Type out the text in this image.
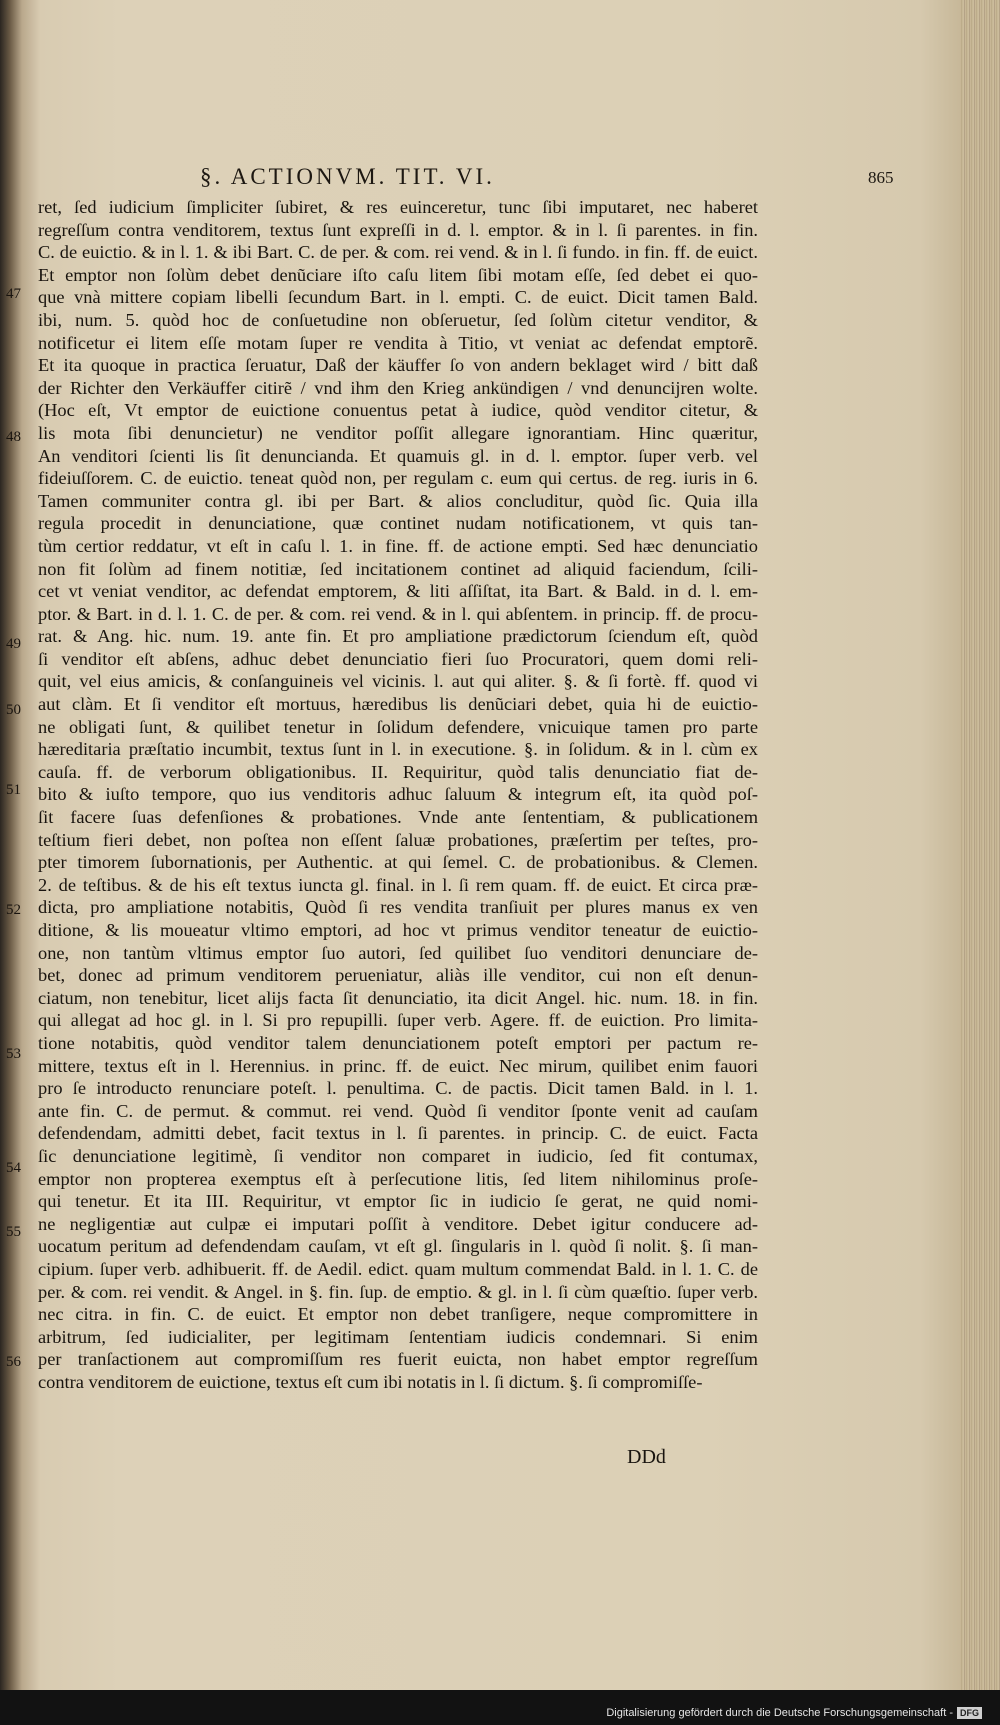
§. ACTIONVM. TIT. VI.	865
47
48
49
50
51
52
53
54
55
56
ret, ſed iudicium ſimpliciter ſubiret, & res euinceretur, tunc ſibi imputaret, nec haberet
regreſſum contra venditorem, textus ſunt expreſſi in d. l. emptor. & in l. ſi parentes. in fin.
C. de euictio. & in l. 1. & ibi Bart. C. de per. & com. rei vend. & in l. ſi fundo. in fin. ff. de euict.
Et emptor non ſolùm debet denũciare iſto caſu litem ſibi motam eſſe, ſed debet ei quo-
que vnà mittere copiam libelli ſecundum Bart. in l. empti. C. de euict. Dicit tamen Bald.
ibi, num. 5. quòd hoc de conſuetudine non obſeruetur, ſed ſolùm citetur venditor, &
notificetur ei litem eſſe motam ſuper re vendita à Titio, vt veniat ac defendat emptorẽ.
Et ita quoque in practica ſeruatur, Daß der käuffer ſo von andern beklaget wird / bitt daß
der Richter den Verkäuffer citirẽ / vnd ihm den Krieg ankündigen / vnd denuncijren wolte.
(Hoc eſt, Vt emptor de euictione conuentus petat à iudice, quòd venditor citetur, &
lis mota ſibi denuncietur) ne venditor poſſit allegare ignorantiam. Hinc quæritur,
An venditori ſcienti lis ſit denuncianda. Et quamuis gl. in d. l. emptor. ſuper verb. vel
fideiuſſorem. C. de euictio. teneat quòd non, per regulam c. eum qui certus. de reg. iuris in 6.
Tamen communiter contra gl. ibi per Bart. & alios concluditur, quòd ſic. Quia illa
regula procedit in denunciatione, quæ continet nudam notificationem, vt quis tan-
tùm certior reddatur, vt eſt in caſu l. 1. in fine. ff. de actione empti. Sed hæc denunciatio
non fit ſolùm ad finem notitiæ, ſed incitationem continet ad aliquid faciendum, ſcili-
cet vt veniat venditor, ac defendat emptorem, & liti aſſiſtat, ita Bart. & Bald. in d. l. em-
ptor. & Bart. in d. l. 1. C. de per. & com. rei vend. & in l. qui abſentem. in princip. ff. de procu-
rat. & Ang. hic. num. 19. ante fin. Et pro ampliatione prædictorum ſciendum eſt, quòd
ſi venditor eſt abſens, adhuc debet denunciatio fieri ſuo Procuratori, quem domi reli-
quit, vel eius amicis, & conſanguineis vel vicinis. l. aut qui aliter. §. & ſi fortè. ff. quod vi
aut clàm. Et ſi venditor eſt mortuus, hæredibus lis denũciari debet, quia hi de euictio-
ne obligati ſunt, & quilibet tenetur in ſolidum defendere, vnicuique tamen pro parte
hæreditaria præſtatio incumbit, textus ſunt in l. in executione. §. in ſolidum. & in l. cùm ex
cauſa. ff. de verborum obligationibus. II. Requiritur, quòd talis denunciatio fiat de-
bito & iuſto tempore, quo ius venditoris adhuc ſaluum & integrum eſt, ita quòd poſ-
ſit facere ſuas defenſiones & probationes. Vnde ante ſententiam, & publicationem
teſtium fieri debet, non poſtea non eſſent ſaluæ probationes, præſertim per teſtes, pro-
pter timorem ſubornationis, per Authentic. at qui ſemel. C. de probationibus. & Clemen.
2. de teſtibus. & de his eſt textus iuncta gl. final. in l. ſi rem quam. ff. de euict. Et circa præ-
dicta, pro ampliatione notabitis, Quòd ſi res vendita tranſiuit per plures manus ex ven
ditione, & lis moueatur vltimo emptori, ad hoc vt primus venditor teneatur de euictio-
one, non tantùm vltimus emptor ſuo autori, ſed quilibet ſuo venditori denunciare de-
bet, donec ad primum venditorem perueniatur, aliàs ille venditor, cui non eſt denun-
ciatum, non tenebitur, licet alijs facta ſit denunciatio, ita dicit Angel. hic. num. 18. in fin.
qui allegat ad hoc gl. in l. Si pro repupilli. ſuper verb. Agere. ff. de euiction. Pro limita-
tione notabitis, quòd venditor talem denunciationem poteſt emptori per pactum re-
mittere, textus eſt in l. Herennius. in princ. ff. de euict. Nec mirum, quilibet enim fauori
pro ſe introducto renunciare poteſt. l. penultima. C. de pactis. Dicit tamen Bald. in l. 1.
ante fin. C. de permut. & commut. rei vend. Quòd ſi venditor ſponte venit ad cauſam
defendendam, admitti debet, facit textus in l. ſi parentes. in princip. C. de euict. Facta
ſic denunciatione legitimè, ſi venditor non comparet in iudicio, ſed fit contumax,
emptor non propterea exemptus eſt à perſecutione litis, ſed litem nihilominus proſe-
qui tenetur. Et ita III. Requiritur, vt emptor ſic in iudicio ſe gerat, ne quid nomi-
ne negligentiæ aut culpæ ei imputari poſſit à venditore. Debet igitur conducere ad-
uocatum peritum ad defendendam cauſam, vt eſt gl. ſingularis in l. quòd ſi nolit. §. ſi man-
cipium. ſuper verb. adhibuerit. ff. de Aedil. edict. quam multum commendat Bald. in l. 1. C. de
per. & com. rei vendit. & Angel. in §. fin. ſup. de emptio. & gl. in l. ſi cùm quæſtio. ſuper verb.
nec citra. in fin. C. de euict. Et emptor non debet tranſigere, neque compromittere in
arbitrum, ſed iudicialiter, per legitimam ſententiam iudicis condemnari. Si enim
per tranſactionem aut compromiſſum res fuerit euicta, non habet emptor regreſſum
contra venditorem de euictione, textus eſt cum ibi notatis in l. ſi dictum. §. ſi compromiſſe-
DDd
Digitalisierung gefördert durch die Deutsche Forschungsgemeinschaft - DFG
